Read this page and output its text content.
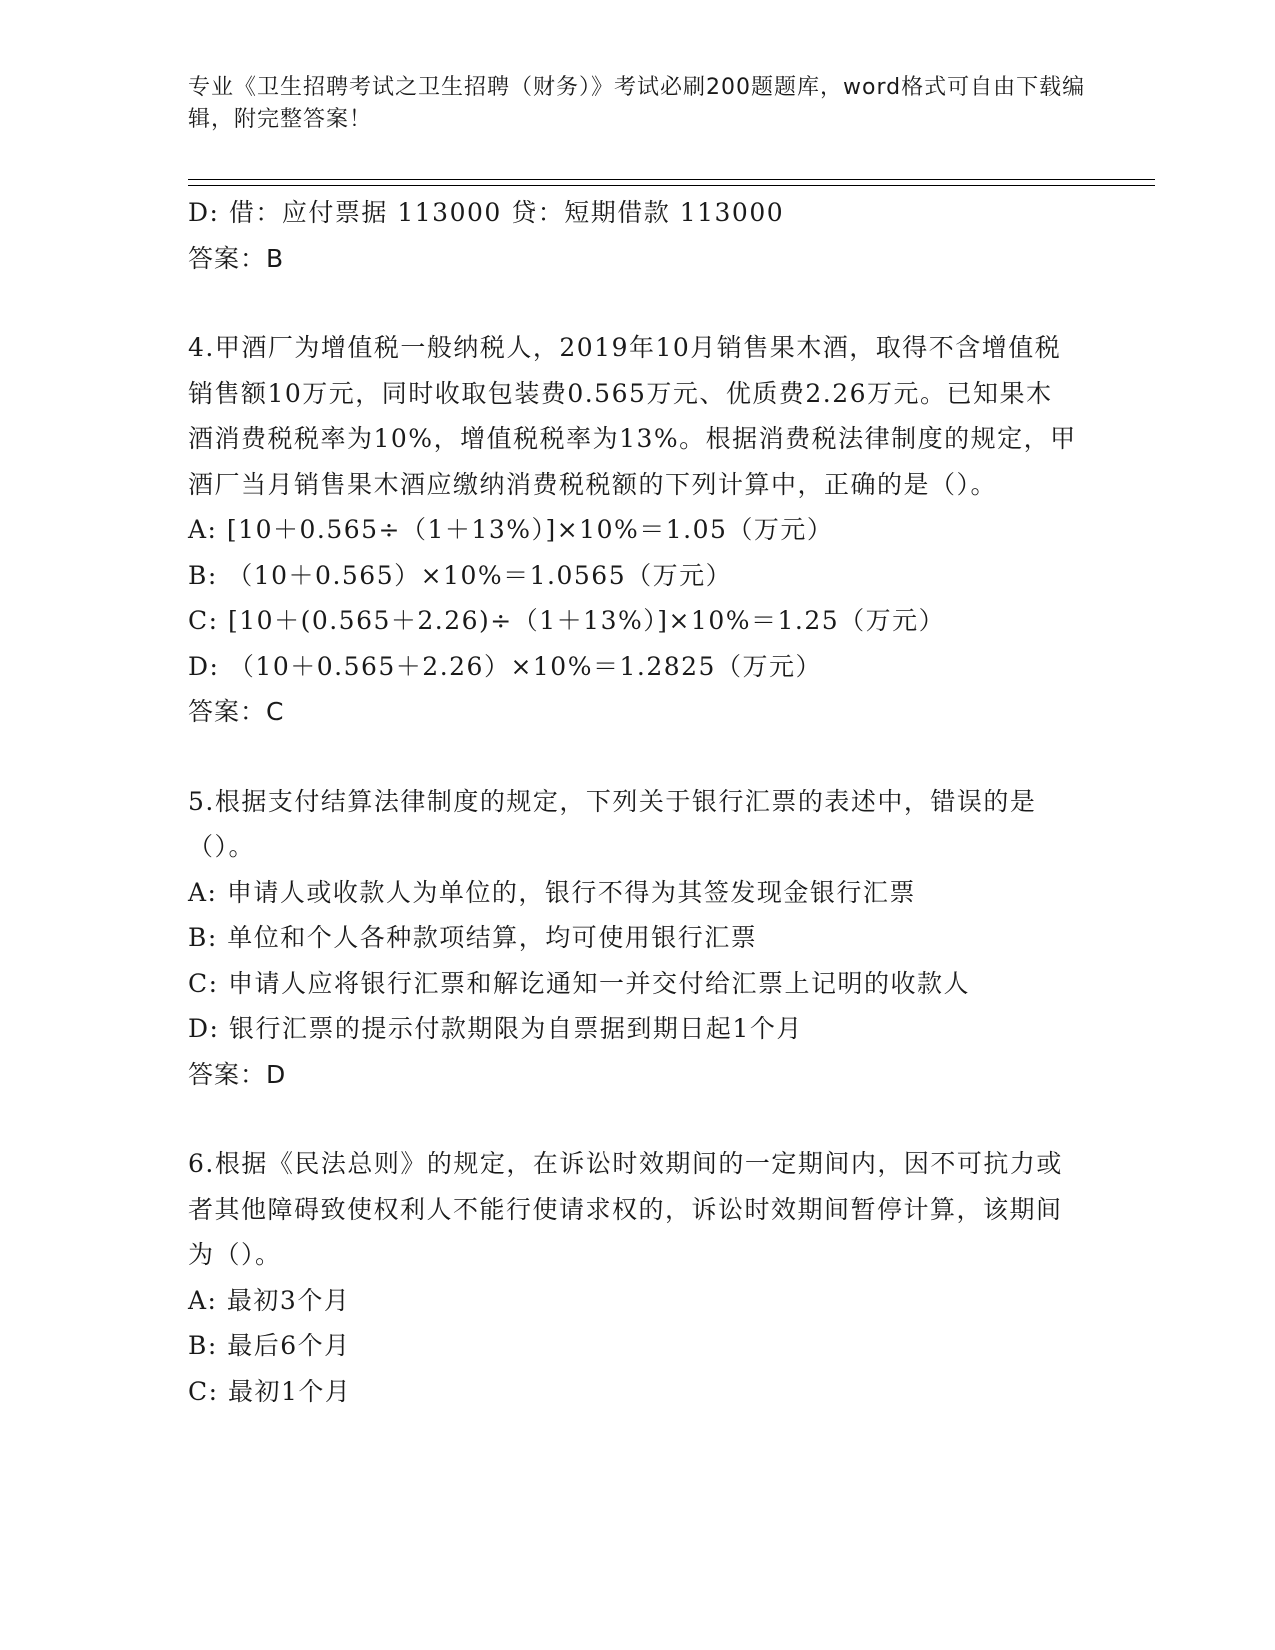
专业《卫生招聘考试之卫生招聘（财务）》考试必刷200题题库，word格式可自由下载编辑，附完整答案！
D: 借：应付票据 113000 贷：短期借款 113000
答案：B
4.甲酒厂为增值税一般纳税人，2019年10月销售果木酒，取得不含增值税销售额10万元，同时收取包装费0.565万元、优质费2.26万元。已知果木酒消费税税率为10%，增值税税率为13%。根据消费税法律制度的规定，甲酒厂当月销售果木酒应缴纳消费税税额的下列计算中，正确的是（）。
A: [10＋0.565÷（1＋13%）]×10%＝1.05（万元）
B: （10＋0.565）×10%＝1.0565（万元）
C: [10＋(0.565＋2.26)÷（1＋13%）]×10%＝1.25（万元）
D: （10＋0.565＋2.26）×10%＝1.2825（万元）
答案：C
5.根据支付结算法律制度的规定，下列关于银行汇票的表述中，错误的是（）。
A: 申请人或收款人为单位的，银行不得为其签发现金银行汇票
B: 单位和个人各种款项结算，均可使用银行汇票
C: 申请人应将银行汇票和解讫通知一并交付给汇票上记明的收款人
D: 银行汇票的提示付款期限为自票据到期日起1个月
答案：D
6.根据《民法总则》的规定，在诉讼时效期间的一定期间内，因不可抗力或者其他障碍致使权利人不能行使请求权的，诉讼时效期间暂停计算，该期间为（）。
A: 最初3个月
B: 最后6个月
C: 最初1个月
